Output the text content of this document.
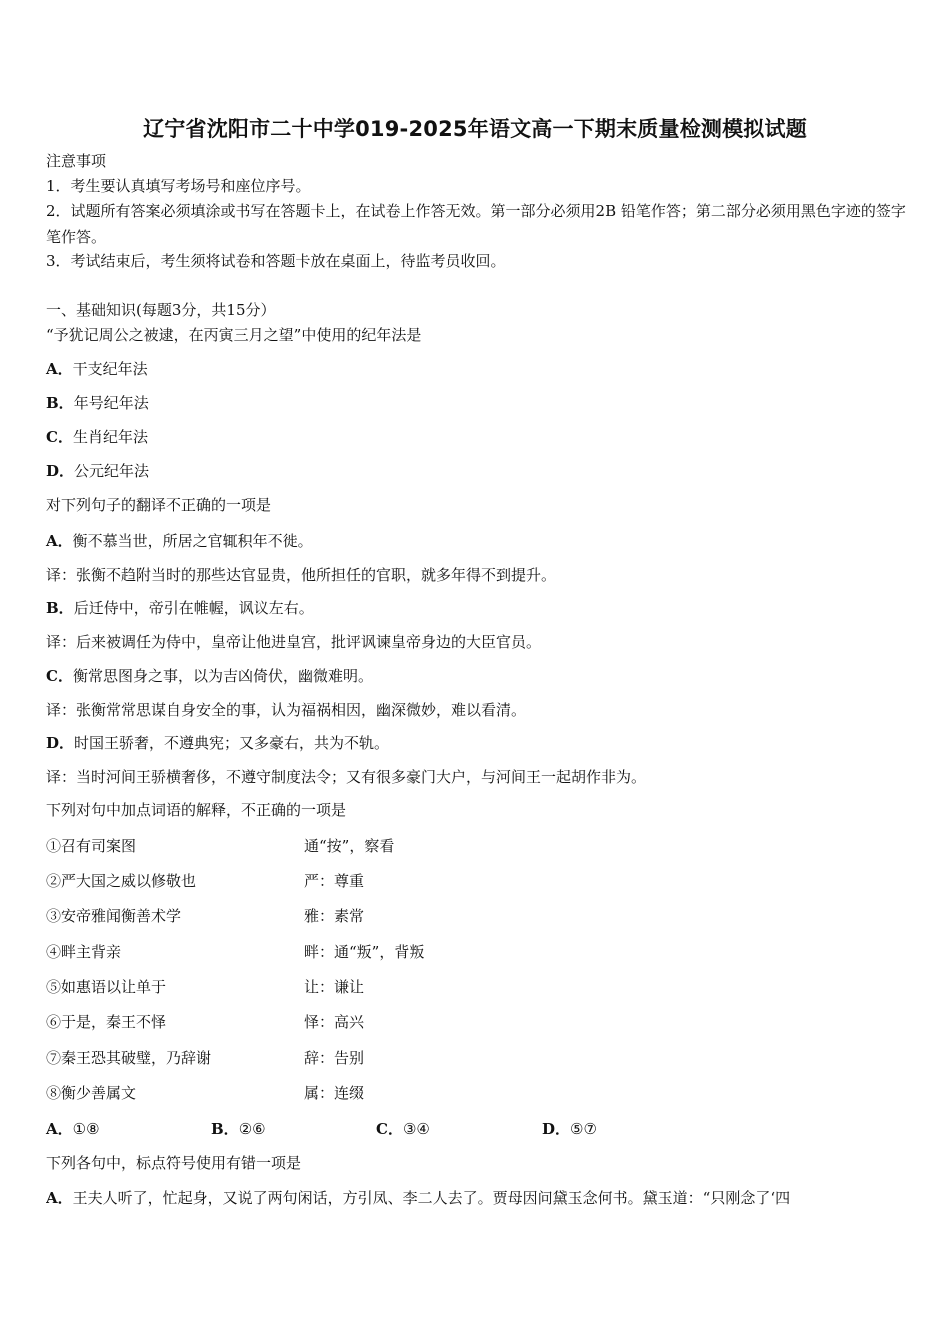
辽宁省沈阳市二十中学019-2025年语文高一下期末质量检测模拟试题
注意事项
1．考生要认真填写考场号和座位序号。
2．试题所有答案必须填涂或书写在答题卡上，在试卷上作答无效。第一部分必须用2B 铅笔作答；第二部分必须用黑色字迹的签字笔作答。
3．考试结束后，考生须将试卷和答题卡放在桌面上，待监考员收回。
一、基础知识(每题3分，共15分）
“予犹记周公之被逮，在丙寅三月之望”中使用的纪年法是
A．干支纪年法
B．年号纪年法
C．生肖纪年法
D．公元纪年法
对下列句子的翻译不正确的一项是
A．衡不慕当世，所居之官辄积年不徙。
译：张衡不趋附当时的那些达官显贵，他所担任的官职，就多年得不到提升。
B．后迁侍中，帝引在帷幄，讽议左右。
译：后来被调任为侍中，皇帝让他进皇宫，批评讽谏皇帝身边的大臣官员。
C．衡常思图身之事，以为吉凶倚伏，幽微难明。
译：张衡常常思谋自身安全的事，认为福祸相因，幽深微妙，难以看清。
D．时国王骄奢，不遵典宪；又多豪右，共为不轨。
译：当时河间王骄横奢侈，不遵守制度法令；又有很多豪门大户，与河间王一起胡作非为。
下列对句中加点词语的解释，不正确的一项是
①召有司案图	通“按”，察看
②严大国之威以修敬也	严：尊重
③安帝雅闻衡善术学	雅：素常
④畔主背亲	畔：通“叛”，背叛
⑤如惠语以让单于	让：谦让
⑥于是，秦王不怿	怿：高兴
⑦秦王恐其破璧，乃辞谢	辞：告别
⑧衡少善属文	属：连缀
A．①⑧	B．②⑥	C．③④	D．⑤⑦
下列各句中，标点符号使用有错一项是
A．王夫人听了，忙起身，又说了两句闲话，方引凤、李二人去了。贾母因问黛玉念何书。黛玉道：“只刚念了‘四
